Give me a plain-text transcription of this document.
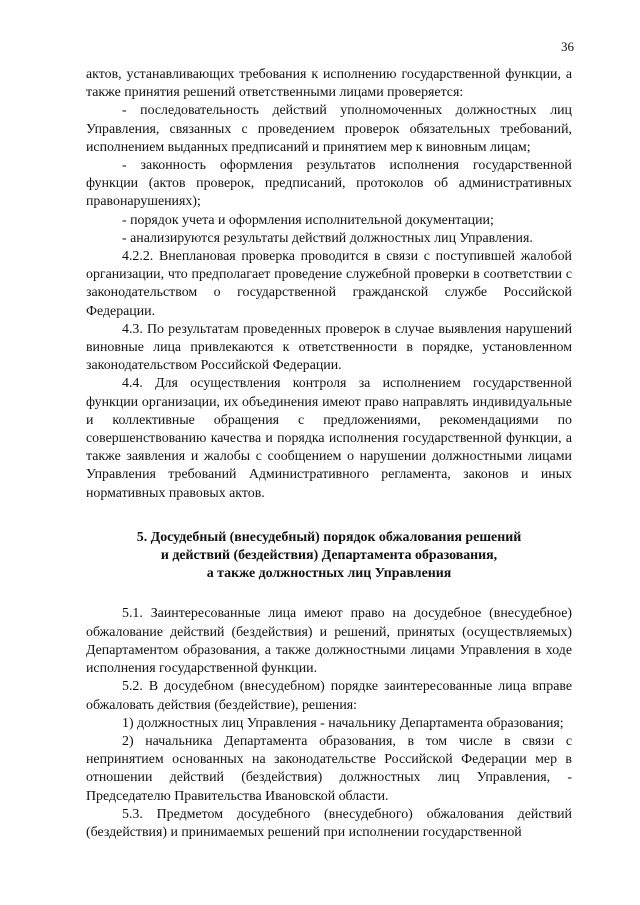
36

актов, устанавливающих требования к исполнению государственной функции, а также принятия решений ответственными лицами проверяется:

- последовательность действий уполномоченных должностных лиц Управления, связанных с проведением проверок обязательных требований, исполнением выданных предписаний и принятием мер к виновным лицам;

- законность оформления результатов исполнения государственной функции (актов проверок, предписаний, протоколов об административных правонарушениях);

- порядок учета и оформления исполнительной документации;

- анализируются результаты действий должностных лиц Управления.

4.2.2. Внеплановая проверка проводится в связи с поступившей жалобой организации, что предполагает проведение служебной проверки в соответствии с законодательством о государственной гражданской службе Российской Федерации.

4.3. По результатам проведенных проверок в случае выявления нарушений виновные лица привлекаются к ответственности в порядке, установленном законодательством Российской Федерации.

4.4. Для осуществления контроля за исполнением государственной функции организации, их объединения имеют право направлять индивидуальные и коллективные обращения с предложениями, рекомендациями по совершенствованию качества и порядка исполнения государственной функции, а также заявления и жалобы с сообщением о нарушении должностными лицами Управления требований Административного регламента, законов и иных нормативных правовых актов.

5. Досудебный (внесудебный) порядок обжалования решений
и действий (бездействия) Департамента образования,
а также должностных лиц Управления

5.1. Заинтересованные лица имеют право на досудебное (внесудебное) обжалование действий (бездействия) и решений, принятых (осуществляемых) Департаментом образования, а также должностными лицами Управления в ходе исполнения государственной функции.

5.2. В досудебном (внесудебном) порядке заинтересованные лица вправе обжаловать действия (бездействие), решения:

1) должностных лиц Управления - начальнику Департамента образования;

2) начальника Департамента образования, в том числе в связи с непринятием основанных на законодательстве Российской Федерации мер в отношении действий (бездействия) должностных лиц Управления, - Председателю Правительства Ивановской области.

5.3. Предметом досудебного (внесудебного) обжалования действий (бездействия) и принимаемых решений при исполнении государственной
